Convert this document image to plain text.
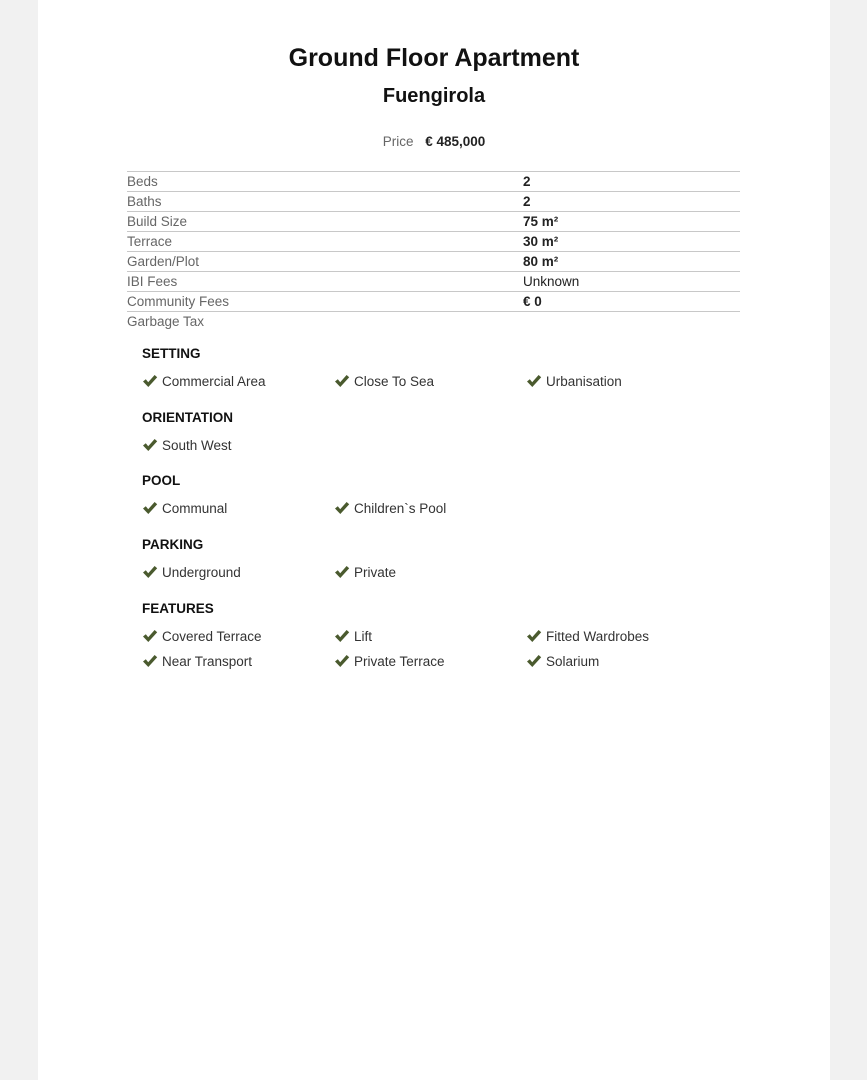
Ground Floor Apartment
Fuengirola
Price € 485,000
Beds	2
Baths	2
Build Size	75 m²
Terrace	30 m²
Garden/Plot	80 m²
IBI Fees	Unknown
Community Fees	€ 0
Garbage Tax
SETTING
Commercial Area	Close To Sea	Urbanisation
ORIENTATION
South West
POOL
Communal	Children`s Pool
PARKING
Underground	Private
FEATURES
Covered Terrace	Lift	Fitted Wardrobes
Near Transport	Private Terrace	Solarium
